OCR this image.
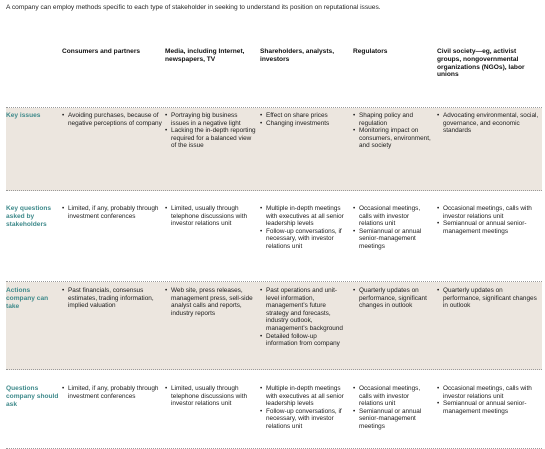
A company can employ methods specific to each type of stakeholder in seeking to understand its position on reputational issues.
Consumers and partners	Media, including Internet, newspapers, TV
Shareholders, analysts, investors
Regulators	Civil society—eg, activist groups, nongovernmental organizations (NGOs), labor unions
Key issues
•	Avoiding purchases, because of negative perceptions of company
• Portraying big business issues in a negative light
• Lacking the in-depth reporting required for a balanced view of the issue
• Effect on share prices
• Changing investments
• Shaping policy and regulation
• Monitoring impact on consumers, environment, and society
• Advocating environmental, social, governance, and economic standards
Key questions asked by stakeholders
• Limited, if any, probably through investment conferences
• Limited, usually through telephone discussions with investor relations unit
• Multiple in-depth meetings with executives at all senior leadership levels
• Follow-up conversations, if necessary, with investor relations unit
• Occasional meetings, calls with investor relations unit
• Semiannual or annual senior-management meetings
• Occasional meetings, calls with investor relations unit
• Semiannual or annual senior-management meetings
Actions company can take
• Past financials, consensus estimates, trading information, implied valuation
• Web site, press releases, management press, sell-side analyst calls and reports, industry reports
• Past operations and unit-level information, management’s future strategy and forecasts, industry outlook, management’s background
• Detailed follow-up information from company
• Quarterly updates on performance, significant changes in outlook
• Quarterly updates on performance, significant changes in outlook
Questions company should ask
• Limited, if any, probably through investment conferences
• Limited, usually through telephone discussions with investor relations unit
• Multiple in-depth meetings with executives at all senior leadership levels
• Follow-up conversations, if necessary, with investor relations unit
• Occasional meetings, calls with investor relations unit
• Semiannual or annual senior-management meetings
• Occasional meetings, calls with investor relations unit
• Semiannual or annual senior-management meetings
